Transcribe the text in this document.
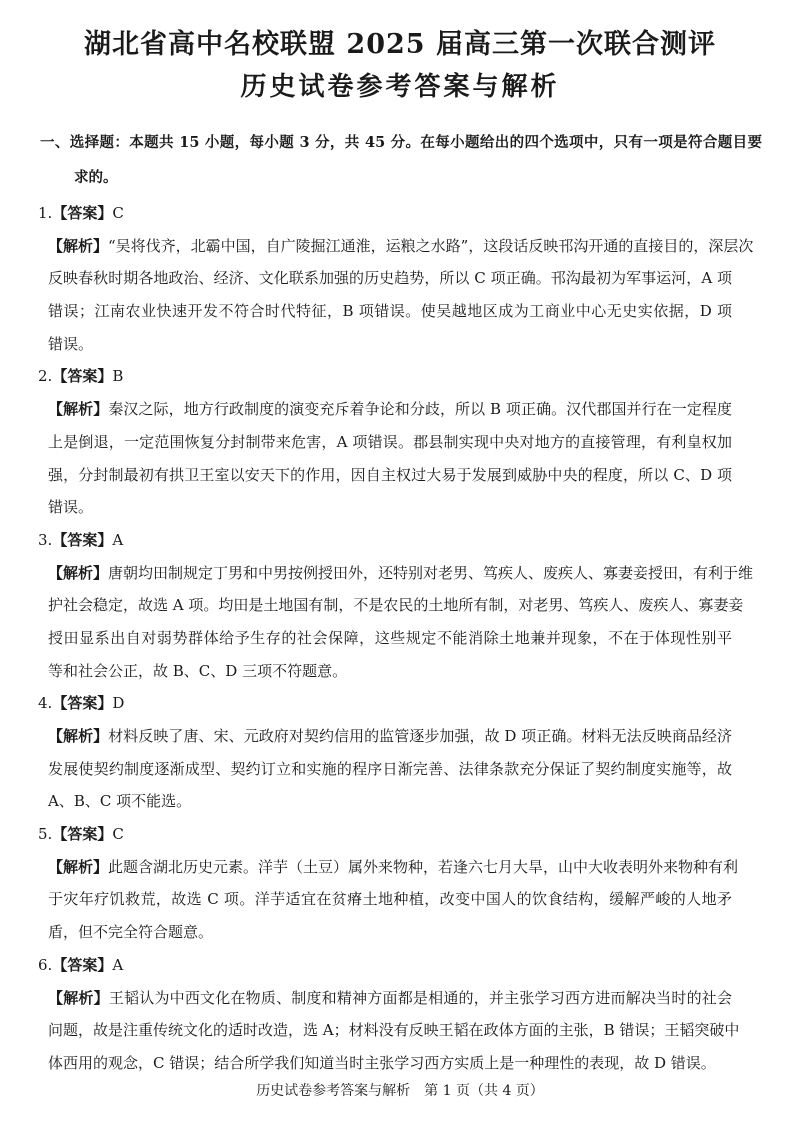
湖北省高中名校联盟 2025 届高三第一次联合测评
历史试卷参考答案与解析
一、选择题：本题共 15 小题，每小题 3 分，共 45 分。在每小题给出的四个选项中，只有一项是符合题目要
求的。
1.【答案】C
【解析】“吴将伐齐，北霸中国，自广陵掘江通淮，运粮之水路”，这段话反映邗沟开通的直接目的，深层次
反映春秋时期各地政治、经济、文化联系加强的历史趋势，所以 C 项正确。邗沟最初为军事运河，A 项
错误；江南农业快速开发不符合时代特征，B 项错误。使吴越地区成为工商业中心无史实依据，D 项
错误。
2.【答案】B
【解析】秦汉之际，地方行政制度的演变充斥着争论和分歧，所以 B 项正确。汉代郡国并行在一定程度
上是倒退，一定范围恢复分封制带来危害，A 项错误。郡县制实现中央对地方的直接管理，有利皇权加
强，分封制最初有拱卫王室以安天下的作用，因自主权过大易于发展到威胁中央的程度，所以 C、D 项
错误。
3.【答案】A
【解析】唐朝均田制规定丁男和中男按例授田外，还特别对老男、笃疾人、废疾人、寡妻妾授田，有利于维
护社会稳定，故选 A 项。均田是土地国有制，不是农民的土地所有制，对老男、笃疾人、废疾人、寡妻妾
授田显系出自对弱势群体给予生存的社会保障，这些规定不能消除土地兼并现象，不在于体现性别平
等和社会公正，故 B、C、D 三项不符题意。
4.【答案】D
【解析】材料反映了唐、宋、元政府对契约信用的监管逐步加强，故 D 项正确。材料无法反映商品经济
发展使契约制度逐渐成型、契约订立和实施的程序日渐完善、法律条款充分保证了契约制度实施等，故
A、B、C 项不能选。
5.【答案】C
【解析】此题含湖北历史元素。洋芋（土豆）属外来物种，若逢六七月大旱，山中大收表明外来物种有利
于灾年疗饥救荒，故选 C 项。洋芋适宜在贫瘠土地种植，改变中国人的饮食结构，缓解严峻的人地矛
盾，但不完全符合题意。
6.【答案】A
【解析】王韬认为中西文化在物质、制度和精神方面都是相通的，并主张学习西方进而解决当时的社会
问题，故是注重传统文化的适时改造，选 A；材料没有反映王韬在政体方面的主张，B 错误；王韬突破中
体西用的观念，C 错误；结合所学我们知道当时主张学习西方实质上是一种理性的表现，故 D 错误。
历史试卷参考答案与解析　第 1 页（共 4 页）
